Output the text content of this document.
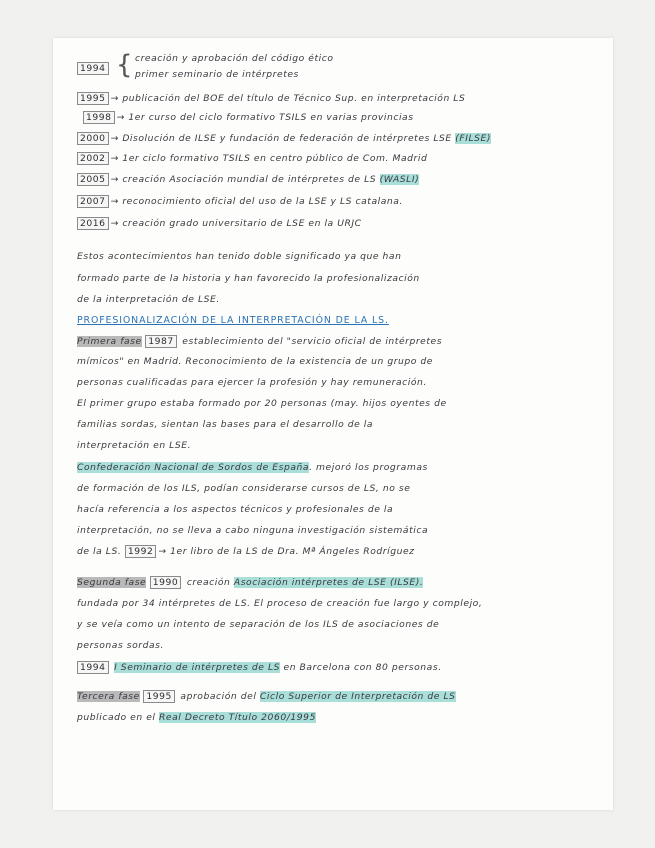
1994 { creación y aprobación del código ético
primer seminario de intérpretes
1995 → publicación del BOE del título de Técnico Sup. en interpretación LS
1998 → 1er curso del ciclo formativo TSILS en varias provincias
2000 → Disolución de ILSE y fundación de federación de intérpretes LSE (FILSE)
2002 → 1er ciclo formativo TSILS en centro público de Com. Madrid
2005 → creación Asociación mundial de intérpretes de LS (WASLI)
2007 → reconocimiento oficial del uso de la LSE y LS catalana.
2016 → creación grado universitario de LSE en la URJC
Estos acontecimientos han tenido doble significado ya que han
formado parte de la historia y han favorecido la profesionalización
de la interpretación de LSE.
PROFESIONALIZACIÓN DE LA INTERPRETACIÓN DE LA LS.
Primera fase 1987 establecimiento del "servicio oficial de intérpretes
mímicos" en Madrid. Reconocimiento de la existencia de un grupo de
personas cualificadas para ejercer la profesión y hay remuneración.
El primer grupo estaba formado por 20 personas (may. hijos oyentes de
familias sordas, sientan las bases para el desarrollo de la
interpretación en LSE.
Confederación Nacional de Sordos de España. mejoró los programas
de formación de los ILS, podían considerarse cursos de LS, no se
hacía referencia a los aspectos técnicos y profesionales de la
interpretación, no se lleva a cabo ninguna investigación sistemática
de la LS. 1992 → 1er libro de la LS de Dra. Mª Ángeles Rodríguez
Segunda fase 1990 creación Asociación intérpretes de LSE (ILSE).
fundada por 34 intérpretes de LS. El proceso de creación fue largo y complejo,
y se veía como un intento de separación de los ILS de asociaciones de
personas sordas.
1994 I Seminario de intérpretes de LS en Barcelona con 80 personas.
Tercera fase 1995 aprobación del Ciclo Superior de Interpretación de LS
publicado en el Real Decreto Título 2060/1995
